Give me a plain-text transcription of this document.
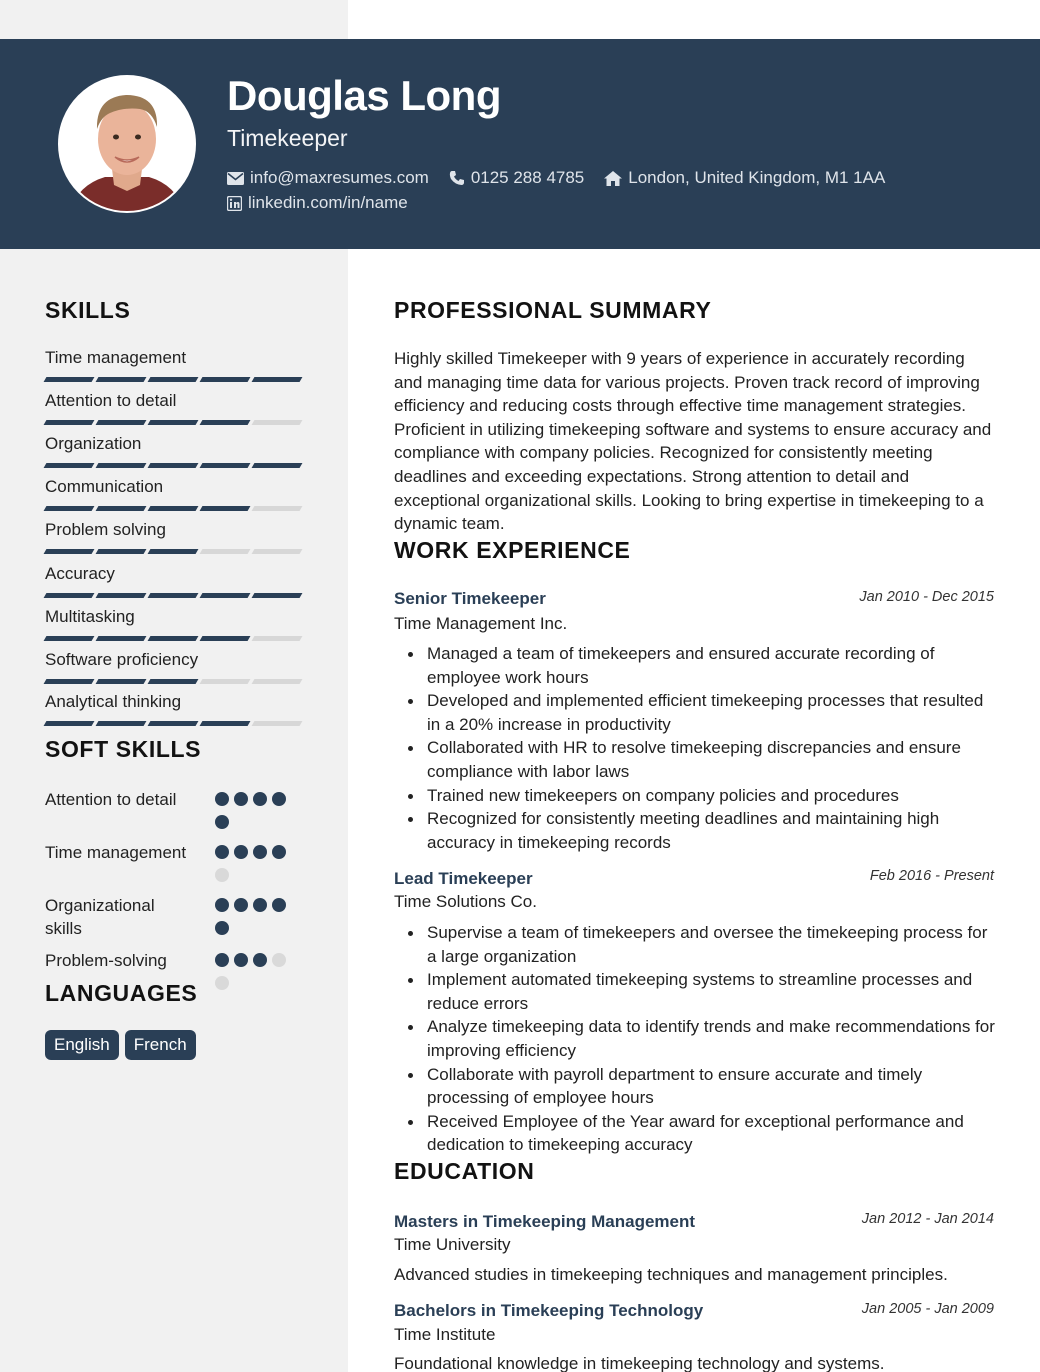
Douglas Long
Timekeeper
info@maxresumes.com 0125 288 4785	London, United Kingdom, M1 1AA
linkedin.com/in/name
SKILLS
Time management
Attention to detail
Organization
Communication
Problem solving
Accuracy
Multitasking
Software proficiency
Analytical thinking
SOFT SKILLS
Attention to detail
Time management
Organizational skills
Problem-solving
LANGUAGES
English	French
PROFESSIONAL SUMMARY
Highly skilled Timekeeper with 9 years of experience in accurately recording and managing time data for various projects. Proven track record of improving efficiency and reducing costs through effective time management strategies. Proficient in utilizing timekeeping software and systems to ensure accuracy and compliance with company policies. Recognized for consistently meeting deadlines and exceeding expectations. Strong attention to detail and exceptional organizational skills. Looking to bring expertise in timekeeping to a dynamic team.
WORK EXPERIENCE
Senior Timekeeper	Jan 2010 - Dec 2015
Time Management Inc.
Managed a team of timekeepers and ensured accurate recording of employee work hours
Developed and implemented efficient timekeeping processes that resulted in a 20% increase in productivity
Collaborated with HR to resolve timekeeping discrepancies and ensure compliance with labor laws
Trained new timekeepers on company policies and procedures
Recognized for consistently meeting deadlines and maintaining high accuracy in timekeeping records
Lead Timekeeper	Feb 2016 - Present
Time Solutions Co.
Supervise a team of timekeepers and oversee the timekeeping process for a large organization
Implement automated timekeeping systems to streamline processes and reduce errors
Analyze timekeeping data to identify trends and make recommendations for improving efficiency
Collaborate with payroll department to ensure accurate and timely processing of employee hours
Received Employee of the Year award for exceptional performance and dedication to timekeeping accuracy
EDUCATION
Masters in Timekeeping Management	Jan 2012 - Jan 2014
Time University
Advanced studies in timekeeping techniques and management principles.
Bachelors in Timekeeping Technology	Jan 2005 - Jan 2009
Time Institute
Foundational knowledge in timekeeping technology and systems.
